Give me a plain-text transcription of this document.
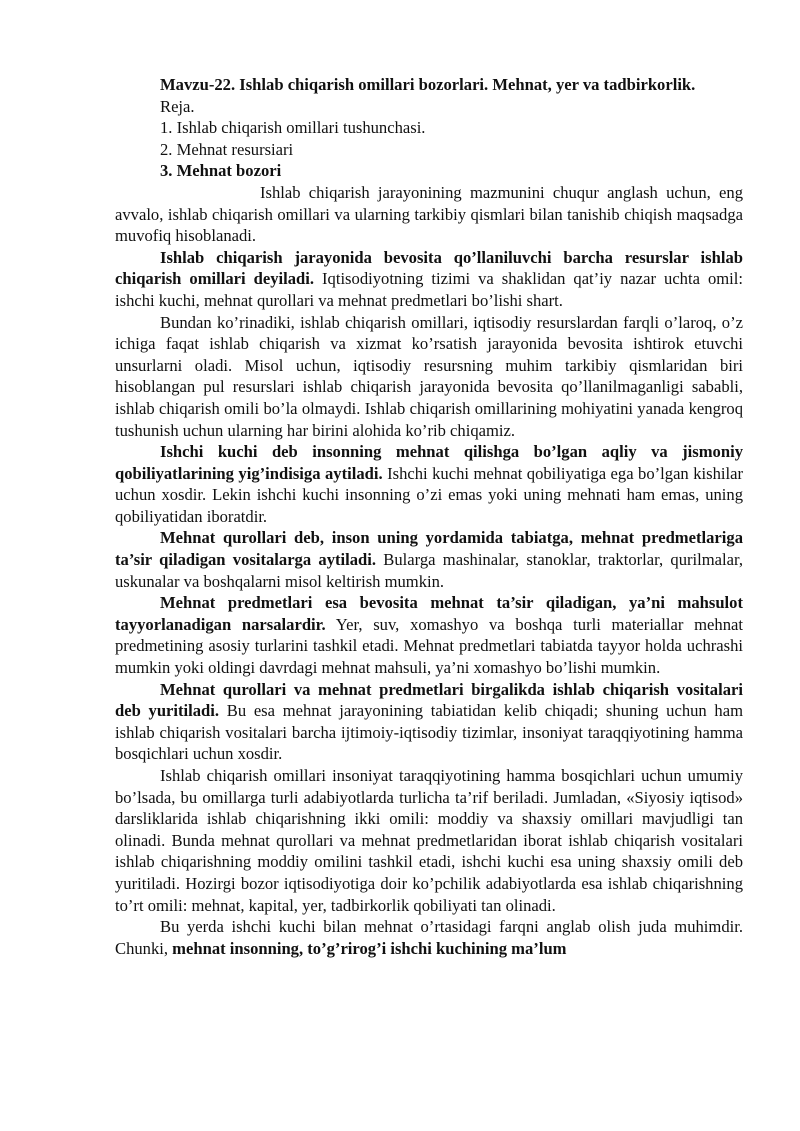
Mavzu-22. Ishlab chiqarish omillari bozorlari. Mehnat, yer va tadbirkorlik.

Reja.

1. Ishlab chiqarish omillari tushunchasi.

2. Mehnat resursiari

3. Mehnat bozori

Ishlab chiqarish jarayonining mazmunini chuqur anglash uchun, eng avvalo, ishlab chiqarish omillari va ularning tarkibiy qismlari bilan tanishib chiqish maqsadga muvofiq hisoblanadi.

Ishlab chiqarish jarayonida bevosita qo’llaniluvchi barcha resurslar ishlab chiqarish omillari deyiladi. Iqtisodiyotning tizimi va shaklidan qat’iy nazar uchta omil: ishchi kuchi, mehnat qurollari va mehnat predmetlari bo’lishi shart.

Bundan ko’rinadiki, ishlab chiqarish omillari, iqtisodiy resurslardan farqli o’laroq, o’z ichiga faqat ishlab chiqarish va xizmat ko’rsatish jarayonida bevosita ishtirok etuvchi unsurlarni oladi. Misol uchun, iqtisodiy resursning muhim tarkibiy qismlaridan biri hisoblangan pul resurslari ishlab chiqarish jarayonida bevosita qo’llanilmaganligi sababli, ishlab chiqarish omili bo’la olmaydi. Ishlab chiqarish omillarining mohiyatini yanada kengroq tushunish uchun ularning har birini alohida ko’rib chiqamiz.

Ishchi kuchi deb insonning mehnat qilishga bo’lgan aqliy va jismoniy qobiliyatlarining yig’indisiga aytiladi. Ishchi kuchi mehnat qobiliyatiga ega bo’lgan kishilar uchun xosdir. Lekin ishchi kuchi insonning o’zi emas yoki uning mehnati ham emas, uning qobiliyatidan iboratdir.

Mehnat qurollari deb, inson uning yordamida tabiatga, mehnat predmetlariga ta’sir qiladigan vositalarga aytiladi. Bularga mashinalar, stanoklar, traktorlar, qurilmalar, uskunalar va boshqalarni misol keltirish mumkin.

Mehnat predmetlari esa bevosita mehnat ta’sir qiladigan, ya’ni mahsulot tayyorlanadigan narsalardir. Yer, suv, xomashyo va boshqa turli materiallar mehnat predmetining asosiy turlarini tashkil etadi. Mehnat predmetlari tabiatda tayyor holda uchrashi mumkin yoki oldingi davrdagi mehnat mahsuli, ya’ni xomashyo bo’lishi mumkin.

Mehnat qurollari va mehnat predmetlari birgalikda ishlab chiqarish vositalari deb yuritiladi. Bu esa mehnat jarayonining tabiatidan kelib chiqadi; shuning uchun ham ishlab chiqarish vositalari barcha ijtimoiy-iqtisodiy tizimlar, insoniyat taraqqiyotining hamma bosqichlari uchun xosdir.

Ishlab chiqarish omillari insoniyat taraqqiyotining hamma bosqichlari uchun umumiy bo’lsada, bu omillarga turli adabiyotlarda turlicha ta’rif beriladi. Jumladan, «Siyosiy iqtisod» darsliklarida ishlab chiqarishning ikki omili: moddiy va shaxsiy omillari mavjudligi tan olinadi. Bunda mehnat qurollari va mehnat predmetlaridan iborat ishlab chiqarish vositalari ishlab chiqarishning moddiy omilini tashkil etadi, ishchi kuchi esa uning shaxsiy omili deb yuritiladi. Hozirgi bozor iqtisodiyotiga doir ko’pchilik adabiyotlarda esa ishlab chiqarishning to’rt omili: mehnat, kapital, yer, tadbirkorlik qobiliyati tan olinadi.

Bu yerda ishchi kuchi bilan mehnat o’rtasidagi farqni anglab olish juda muhimdir. Chunki, mehnat insonning, to’g’rirog’i ishchi kuchining ma’lum
